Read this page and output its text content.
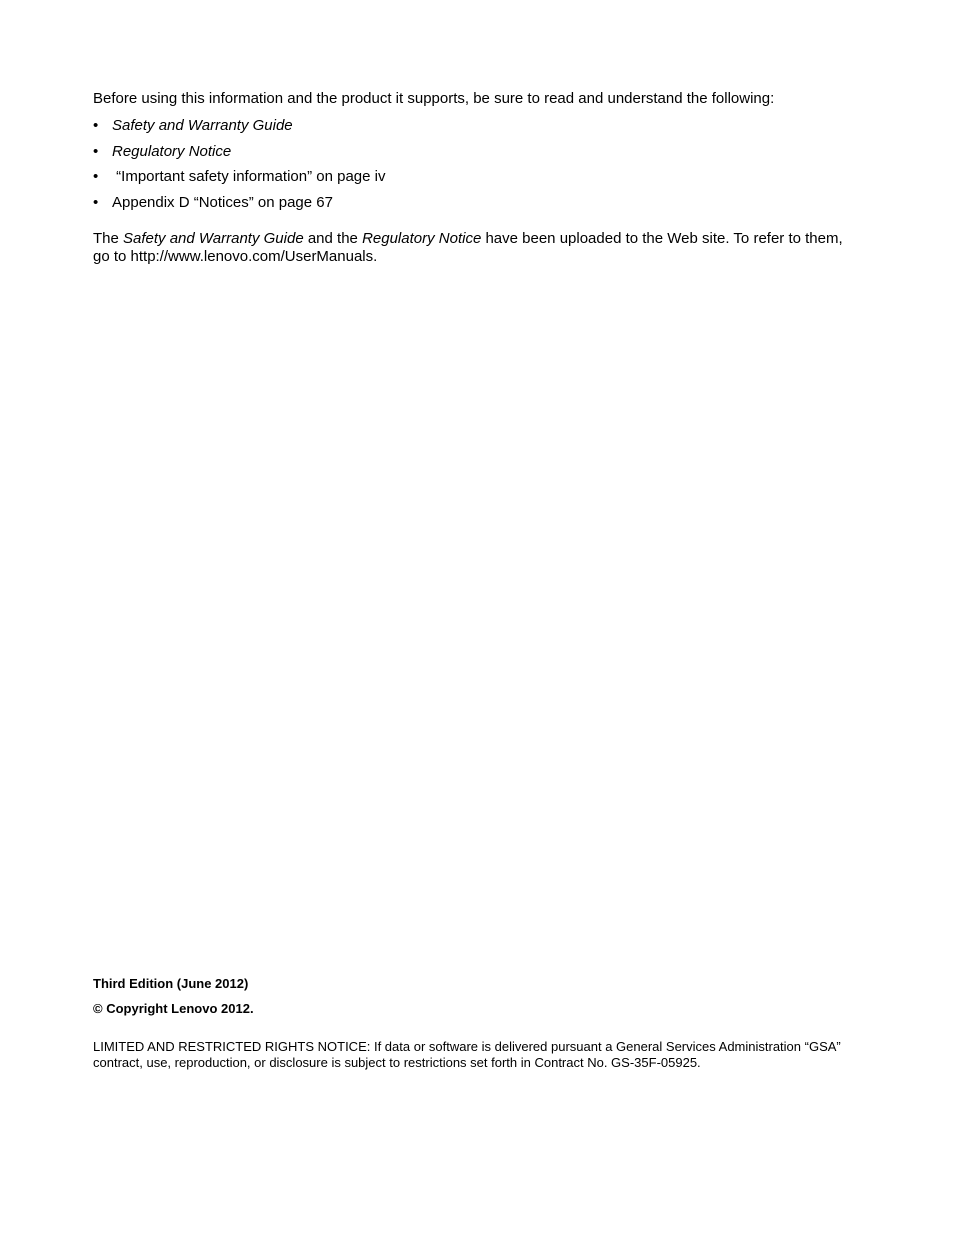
Before using this information and the product it supports, be sure to read and understand the following:

• Safety and Warranty Guide
• Regulatory Notice
• “Important safety information” on page iv
• Appendix D “Notices” on page 67

The Safety and Warranty Guide and the Regulatory Notice have been uploaded to the Web site. To refer to them, go to http://www.lenovo.com/UserManuals.

Third Edition (June 2012)

© Copyright Lenovo 2012.

LIMITED AND RESTRICTED RIGHTS NOTICE: If data or software is delivered pursuant a General Services Administration “GSA” contract, use, reproduction, or disclosure is subject to restrictions set forth in Contract No. GS-35F-05925.
